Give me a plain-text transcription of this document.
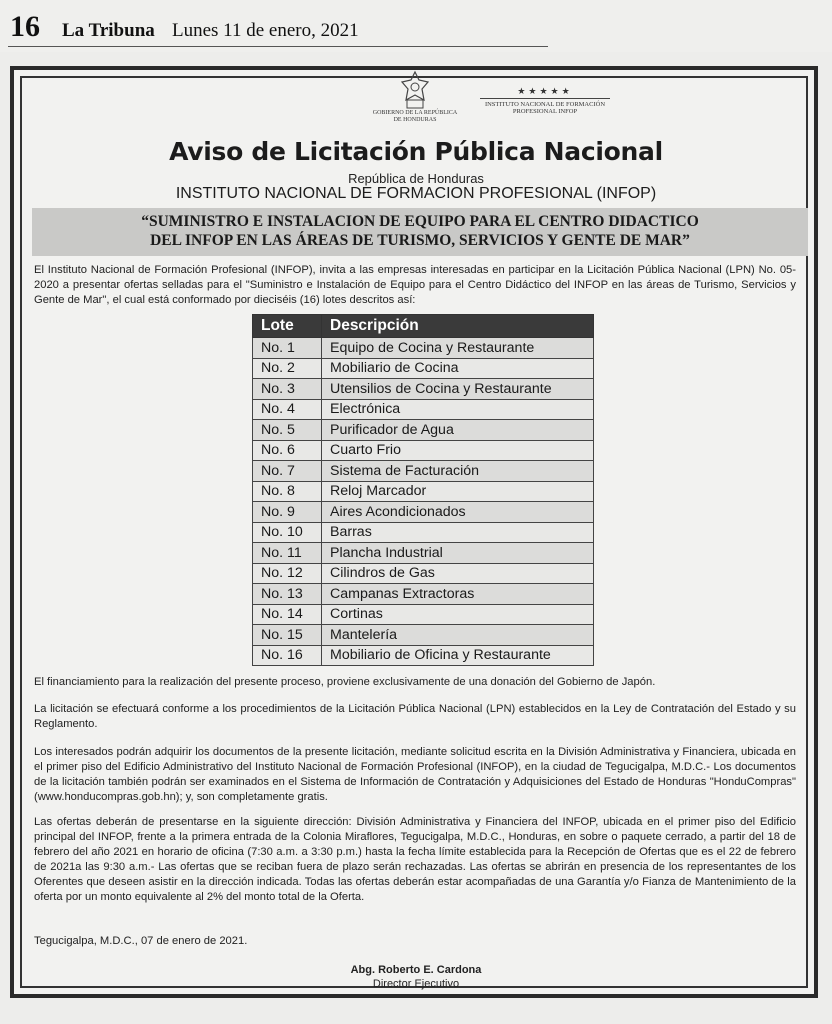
16 La Tribuna Lunes 11 de enero, 2021
GOBIERNO DE LA REPÚBLICA DE HONDURAS
★★★★★
INSTITUTO NACIONAL DE FORMACIÓN PROFESIONAL INFOP
Aviso de Licitación Pública Nacional
República de Honduras
INSTITUTO NACIONAL DE FORMACION PROFESIONAL (INFOP)
“SUMINISTRO E INSTALACION DE EQUIPO PARA EL CENTRO DIDACTICO
DEL INFOP EN LAS ÁREAS DE TURISMO, SERVICIOS Y GENTE DE MAR”
El Instituto Nacional de Formación Profesional (INFOP), invita a las empresas interesadas en participar en la Licitación Pública Nacional (LPN) No. 05-2020 a presentar ofertas selladas para el "Suministro e Instalación de Equipo para el Centro Didáctico del INFOP en las áreas de Turismo, Servicios y Gente de Mar", el cual está conformado por dieciséis (16) lotes descritos así:
Lote	Descripción
No. 1	Equipo de Cocina y Restaurante
No. 2	Mobiliario de Cocina
No. 3	Utensilios de Cocina y Restaurante
No. 4	Electrónica
No. 5	Purificador de Agua
No. 6	Cuarto Frio
No. 7	Sistema de Facturación
No. 8	Reloj Marcador
No. 9	Aires Acondicionados
No. 10	Barras
No. 11	Plancha Industrial
No. 12	Cilindros de Gas
No. 13	Campanas Extractoras
No. 14	Cortinas
No. 15	Mantelería
No. 16	Mobiliario de Oficina y Restaurante
El financiamiento para la realización del presente proceso, proviene exclusivamente de una donación del Gobierno de Japón.
La licitación se efectuará conforme a los procedimientos de la Licitación Pública Nacional (LPN) establecidos en la Ley de Contratación del Estado y su Reglamento.
Los interesados podrán adquirir los documentos de la presente licitación, mediante solicitud escrita en la División Administrativa y Financiera, ubicada en el primer piso del Edificio Administrativo del Instituto Nacional de Formación Profesional (INFOP), en la ciudad de Tegucigalpa, M.D.C.- Los documentos de la licitación también podrán ser examinados en el Sistema de Información de Contratación y Adquisiciones del Estado de Honduras "HonduCompras" (www.honducompras.gob.hn); y, son completamente gratis.
Las ofertas deberán de presentarse en la siguiente dirección: División Administrativa y Financiera del INFOP, ubicada en el primer piso del Edificio principal del INFOP, frente a la primera entrada de la Colonia Miraflores, Tegucigalpa, M.D.C., Honduras, en sobre o paquete cerrado, a partir del 18 de febrero del año 2021 en horario de oficina (7:30 a.m. a 3:30 p.m.) hasta la fecha límite establecida para la Recepción de Ofertas que es el 22 de febrero de 2021a las 9:30 a.m.- Las ofertas que se reciban fuera de plazo serán rechazadas. Las ofertas se abrirán en presencia de los representantes de los Oferentes que deseen asistir en la dirección indicada. Todas las ofertas deberán estar acompañadas de una Garantía y/o Fianza de Mantenimiento de la oferta por un monto equivalente al 2% del monto total de la Oferta.
Tegucigalpa, M.D.C., 07 de enero de 2021.
Abg. Roberto E. Cardona
Director Ejecutivo
